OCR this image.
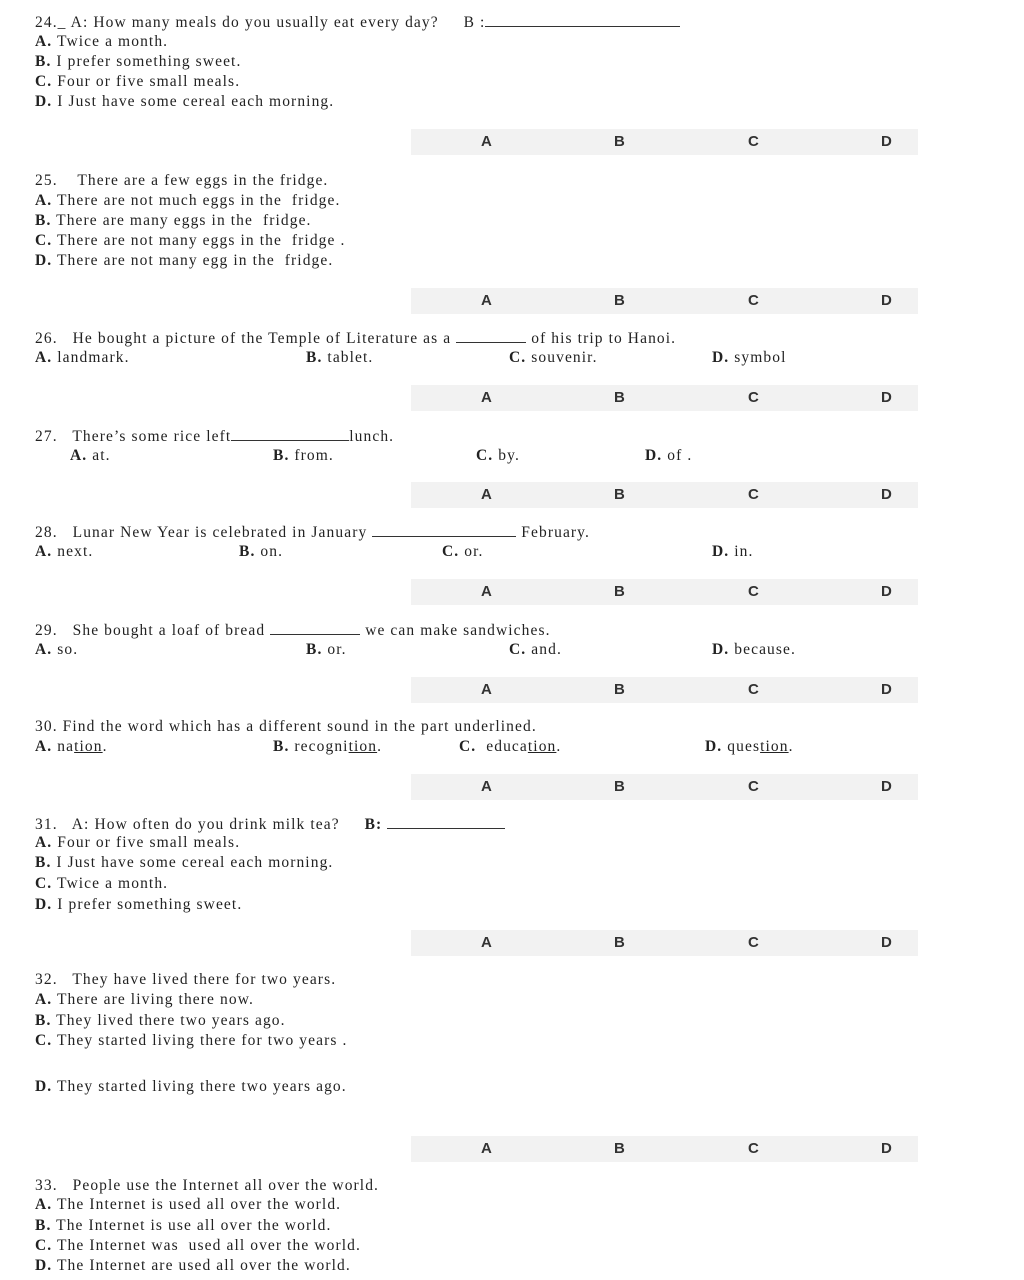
24._ A: How many meals do you usually eat every day? B :
A. Twice a month.
B. I prefer something sweet.
C. Four or five small meals.
D. I Just have some cereal each morning.
A	B	C	D
25. There are a few eggs in the fridge.
A. There are not much eggs in the  fridge.
B. There are many eggs in the  fridge.
C. There are not many eggs in the  fridge .
D. There are not many egg in the  fridge.
A	B	C	D
26. He bought a picture of the Temple of Literature as a	of his trip to Hanoi.
A. landmark.	B. tablet.	C. souvenir.	D. symbol
A	B	C	D
27. There’s some rice left	lunch.
A. at.	B. from.	C. by.	D. of .
A	B	C	D
28. Lunar New Year is celebrated in January	February.
A. next.	B. on.	C. or.	D. in.
A	B	C	D
29. She bought a loaf of bread	we can make sandwiches.
A. so.	B. or.	C. and.	D. because.
A	B	C	D
30. Find the word which has a different sound in the part underlined.
A. nation.	B. recognition.	C. education.	D. question.
A	B	C	D
31. A: How often do you drink milk tea? B:
A. Four or five small meals.
B. I Just have some cereal each morning.
C. Twice a month.
D. I prefer something sweet.
A	B	C	D
32. They have lived there for two years.
A. There are living there now.
B. They lived there two years ago.
C. They started living there for two years .
D. They started living there two years ago.
A	B	C	D
33. People use the Internet all over the world.
A. The Internet is used all over the world.
B. The Internet is use all over the world.
C. The Internet was  used all over the world.
D. The Internet are used all over the world.
